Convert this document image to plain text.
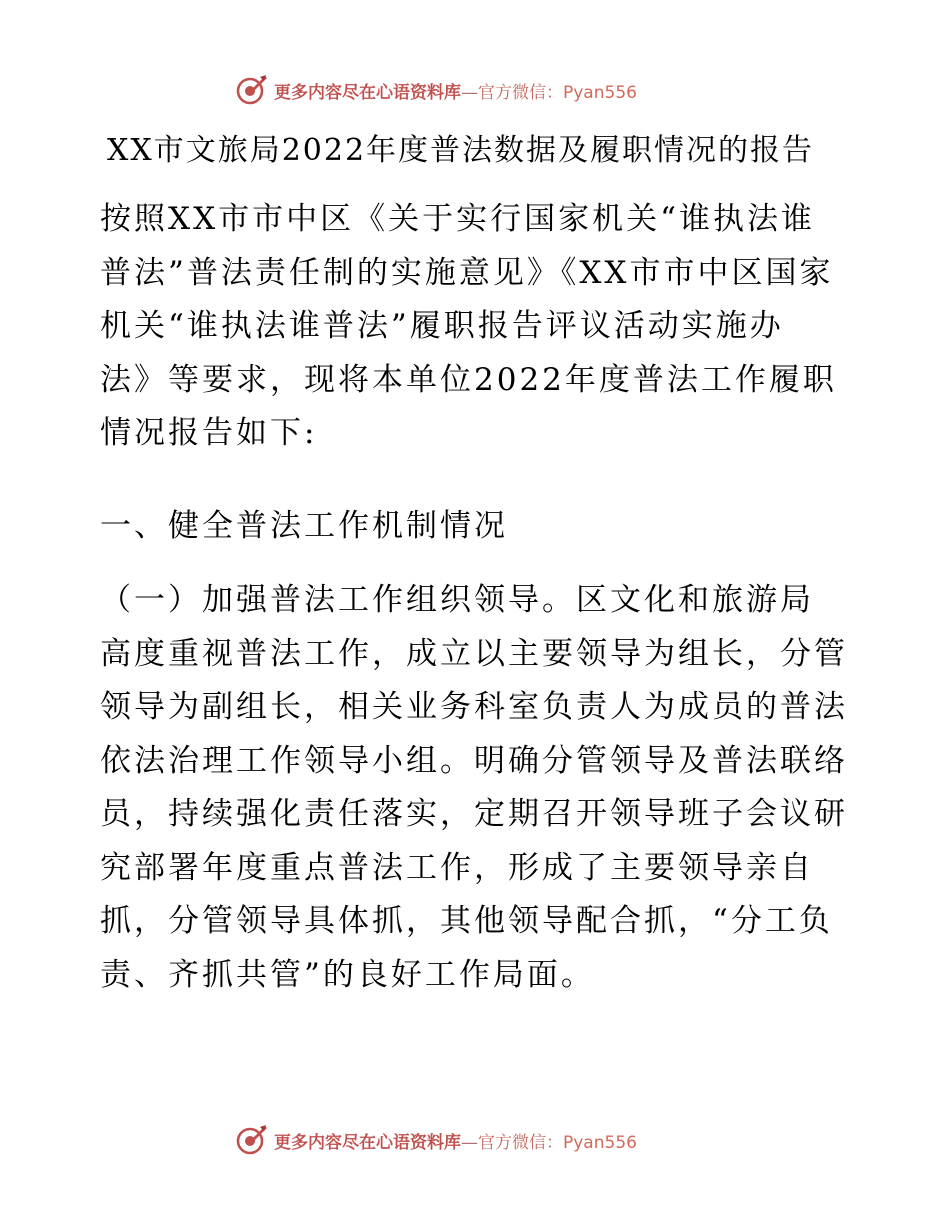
更多内容尽在心语资料库—官方微信：Pyan556
XX市文旅局2022年度普法数据及履职情况的报告

按照XX市市中区《关于实行国家机关“谁执法谁
普法”普法责任制的实施意见》《XX市市中区国家
机关“谁执法谁普法”履职报告评议活动实施办
法》等要求，现将本单位2022年度普法工作履职
情况报告如下:

一、健全普法工作机制情况

（一）加强普法工作组织领导。区文化和旅游局
高度重视普法工作，成立以主要领导为组长，分管
领导为副组长，相关业务科室负责人为成员的普法
依法治理工作领导小组。明确分管领导及普法联络
员，持续强化责任落实，定期召开领导班子会议研
究部署年度重点普法工作，形成了主要领导亲自
抓，分管领导具体抓，其他领导配合抓，“分工负
责、齐抓共管”的良好工作局面。

更多内容尽在心语资料库—官方微信：Pyan556
